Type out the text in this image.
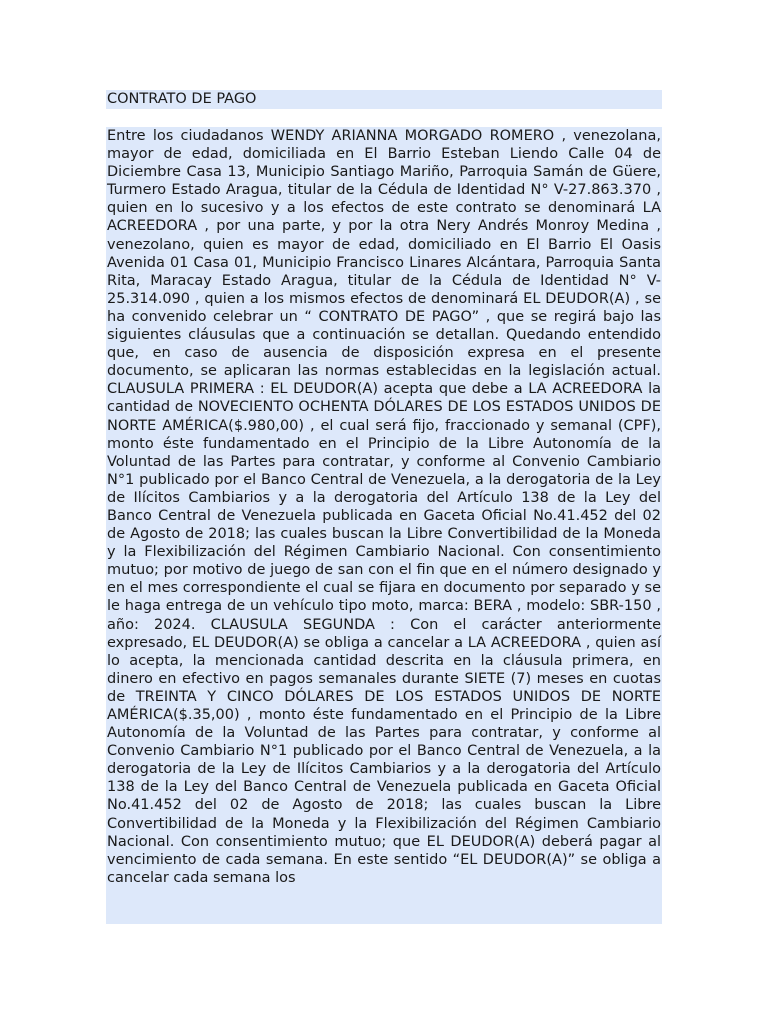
CONTRATO DE PAGO

Entre los ciudadanos WENDY ARIANNA MORGADO ROMERO , venezolana, mayor de edad, domiciliada en El Barrio Esteban Liendo Calle 04 de Diciembre Casa 13, Municipio Santiago Mariño, Parroquia Samán de Güere, Turmero Estado Aragua, titular de la Cédula de Identidad N° V-27.863.370 , quien en lo sucesivo y a los efectos de este contrato se denominará LA ACREEDORA , por una parte, y por la otra Nery Andrés Monroy Medina , venezolano, quien es mayor de edad, domiciliado en El Barrio El Oasis Avenida 01 Casa 01, Municipio Francisco Linares Alcántara, Parroquia Santa Rita, Maracay Estado Aragua, titular de la Cédula de Identidad N° V-25.314.090 , quien a los mismos efectos de denominará EL DEUDOR(A) , se ha convenido celebrar un “ CONTRATO DE PAGO” , que se regirá bajo las siguientes cláusulas que a continuación se detallan. Quedando entendido que, en caso de ausencia de disposición expresa en el presente documento, se aplicaran las normas establecidas en la legislación actual. CLAUSULA PRIMERA : EL DEUDOR(A) acepta que debe a LA ACREEDORA la cantidad de NOVECIENTO OCHENTA DÓLARES DE LOS ESTADOS UNIDOS DE NORTE AMÉRICA($.980,00) , el cual será fijo, fraccionado y semanal (CPF), monto éste fundamentado en el Principio de la Libre Autonomía de la Voluntad de las Partes para contratar, y conforme al Convenio Cambiario N°1 publicado por el Banco Central de Venezuela, a la derogatoria de la Ley de Ilícitos Cambiarios y a la derogatoria del Artículo 138 de la Ley del Banco Central de Venezuela publicada en Gaceta Oficial No.41.452 del 02 de Agosto de 2018; las cuales buscan la Libre Convertibilidad de la Moneda y la Flexibilización del Régimen Cambiario Nacional. Con consentimiento mutuo; por motivo de juego de san con el fin que en el número designado y en el mes correspondiente el cual se fijara en documento por separado y se le haga entrega de un vehículo tipo moto, marca: BERA , modelo: SBR-150 , año: 2024. CLAUSULA SEGUNDA : Con el carácter anteriormente expresado, EL DEUDOR(A) se obliga a cancelar a LA ACREEDORA , quien así lo acepta, la mencionada cantidad descrita en la cláusula primera, en dinero en efectivo en pagos semanales durante SIETE (7) meses en cuotas de TREINTA Y CINCO DÓLARES DE LOS ESTADOS UNIDOS DE NORTE AMÉRICA($.35,00) , monto éste fundamentado en el Principio de la Libre Autonomía de la Voluntad de las Partes para contratar, y conforme al Convenio Cambiario N°1 publicado por el Banco Central de Venezuela, a la derogatoria de la Ley de Ilícitos Cambiarios y a la derogatoria del Artículo 138 de la Ley del Banco Central de Venezuela publicada en Gaceta Oficial No.41.452 del 02 de Agosto de 2018; las cuales buscan la Libre Convertibilidad de la Moneda y la Flexibilización del Régimen Cambiario Nacional. Con consentimiento mutuo; que EL DEUDOR(A) deberá pagar al vencimiento de cada semana. En este sentido “EL DEUDOR(A)” se obliga a cancelar cada semana los
